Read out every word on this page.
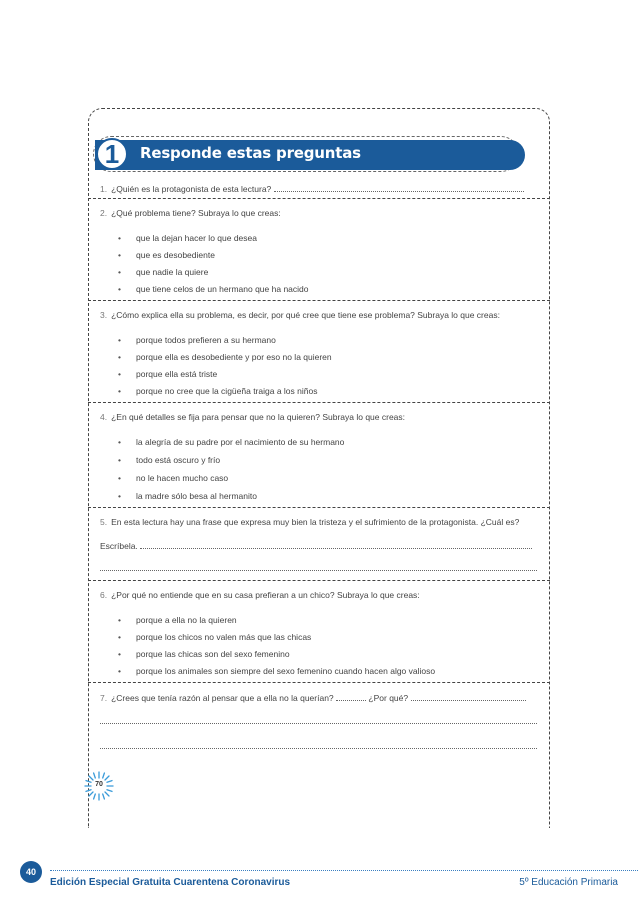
1	Responde estas preguntas
1. ¿Quién es la protagonista de esta lectura?
2. ¿Qué problema tiene? Subraya lo que creas:
• que la dejan hacer lo que desea
• que es desobediente
• que nadie la quiere
• que tiene celos de un hermano que ha nacido
3. ¿Cómo explica ella su problema, es decir, por qué cree que tiene ese problema? Subraya lo que creas:
• porque todos prefieren a su hermano
• porque ella es desobediente y por eso no la quieren
• porque ella está triste
• porque no cree que la cigüeña traiga a los niños
4. ¿En qué detalles se fija para pensar que no la quieren? Subraya lo que creas:
• la alegría de su padre por el nacimiento de su hermano
• todo está oscuro y frío
• no le hacen mucho caso
• la madre sólo besa al hermanito
5. En esta lectura hay una frase que expresa muy bien la tristeza y el sufrimiento de la protagonista. ¿Cuál es?
Escríbela.
6. ¿Por qué no entiende que en su casa prefieran a un chico? Subraya lo que creas:
• porque a ella no la quieren
• porque los chicos no valen más que las chicas
• porque las chicas son del sexo femenino
• porque los animales son siempre del sexo femenino cuando hacen algo valioso
7. ¿Crees que tenía razón al pensar que a ella no la querían?	¿Por qué?
70
40
Edición Especial Gratuita Cuarentena Coronavirus	5º Educación Primaria
